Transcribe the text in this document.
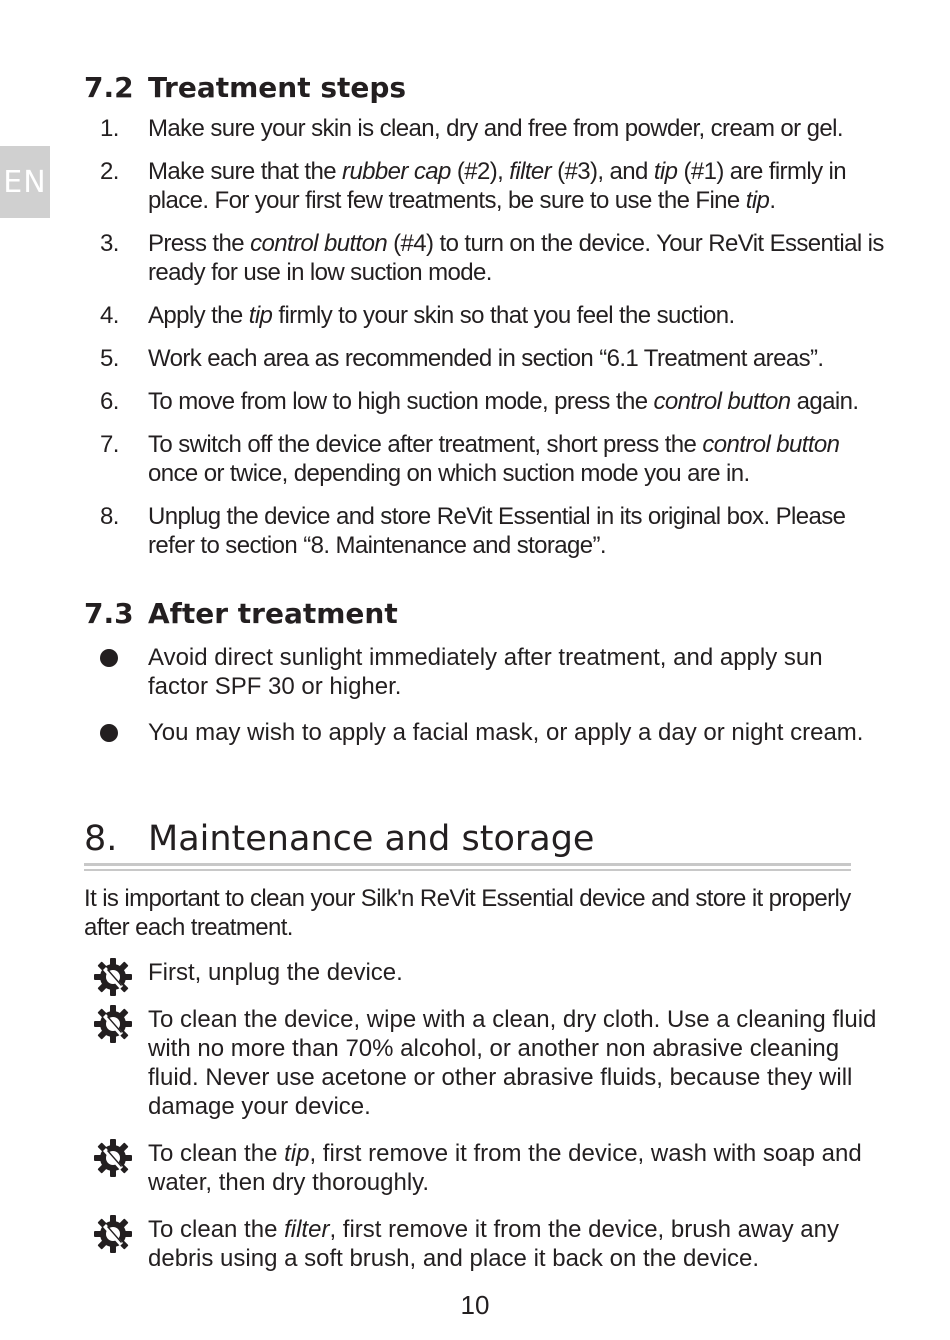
EN
7.2 Treatment steps
1. Make sure your skin is clean, dry and free from powder, cream or gel.
2. Make sure that the rubber cap (#2), filter (#3), and tip (#1) are firmly in place. For your first few treatments, be sure to use the Fine tip.
3. Press the control button (#4) to turn on the device. Your ReVit Essential is ready for use in low suction mode.
4. Apply the tip firmly to your skin so that you feel the suction.
5. Work each area as recommended in section “6.1 Treatment areas”.
6. To move from low to high suction mode, press the control button again.
7. To switch off the device after treatment, short press the control button once or twice, depending on which suction mode you are in.
8. Unplug the device and store ReVit Essential in its original box. Please refer to section “8. Maintenance and storage”.
7.3 After treatment
Avoid direct sunlight immediately after treatment, and apply sun factor SPF 30 or higher.
You may wish to apply a facial mask, or apply a day or night cream.
8. Maintenance and storage
It is important to clean your Silk'n ReVit Essential device and store it properly after each treatment.
First, unplug the device.
To clean the device, wipe with a clean, dry cloth. Use a cleaning fluid with no more than 70% alcohol, or another non abrasive cleaning fluid. Never use acetone or other abrasive fluids, because they will damage your device.
To clean the tip, first remove it from the device, wash with soap and water, then dry thoroughly.
To clean the filter, first remove it from the device, brush away any debris using a soft brush, and place it back on the device.
10
